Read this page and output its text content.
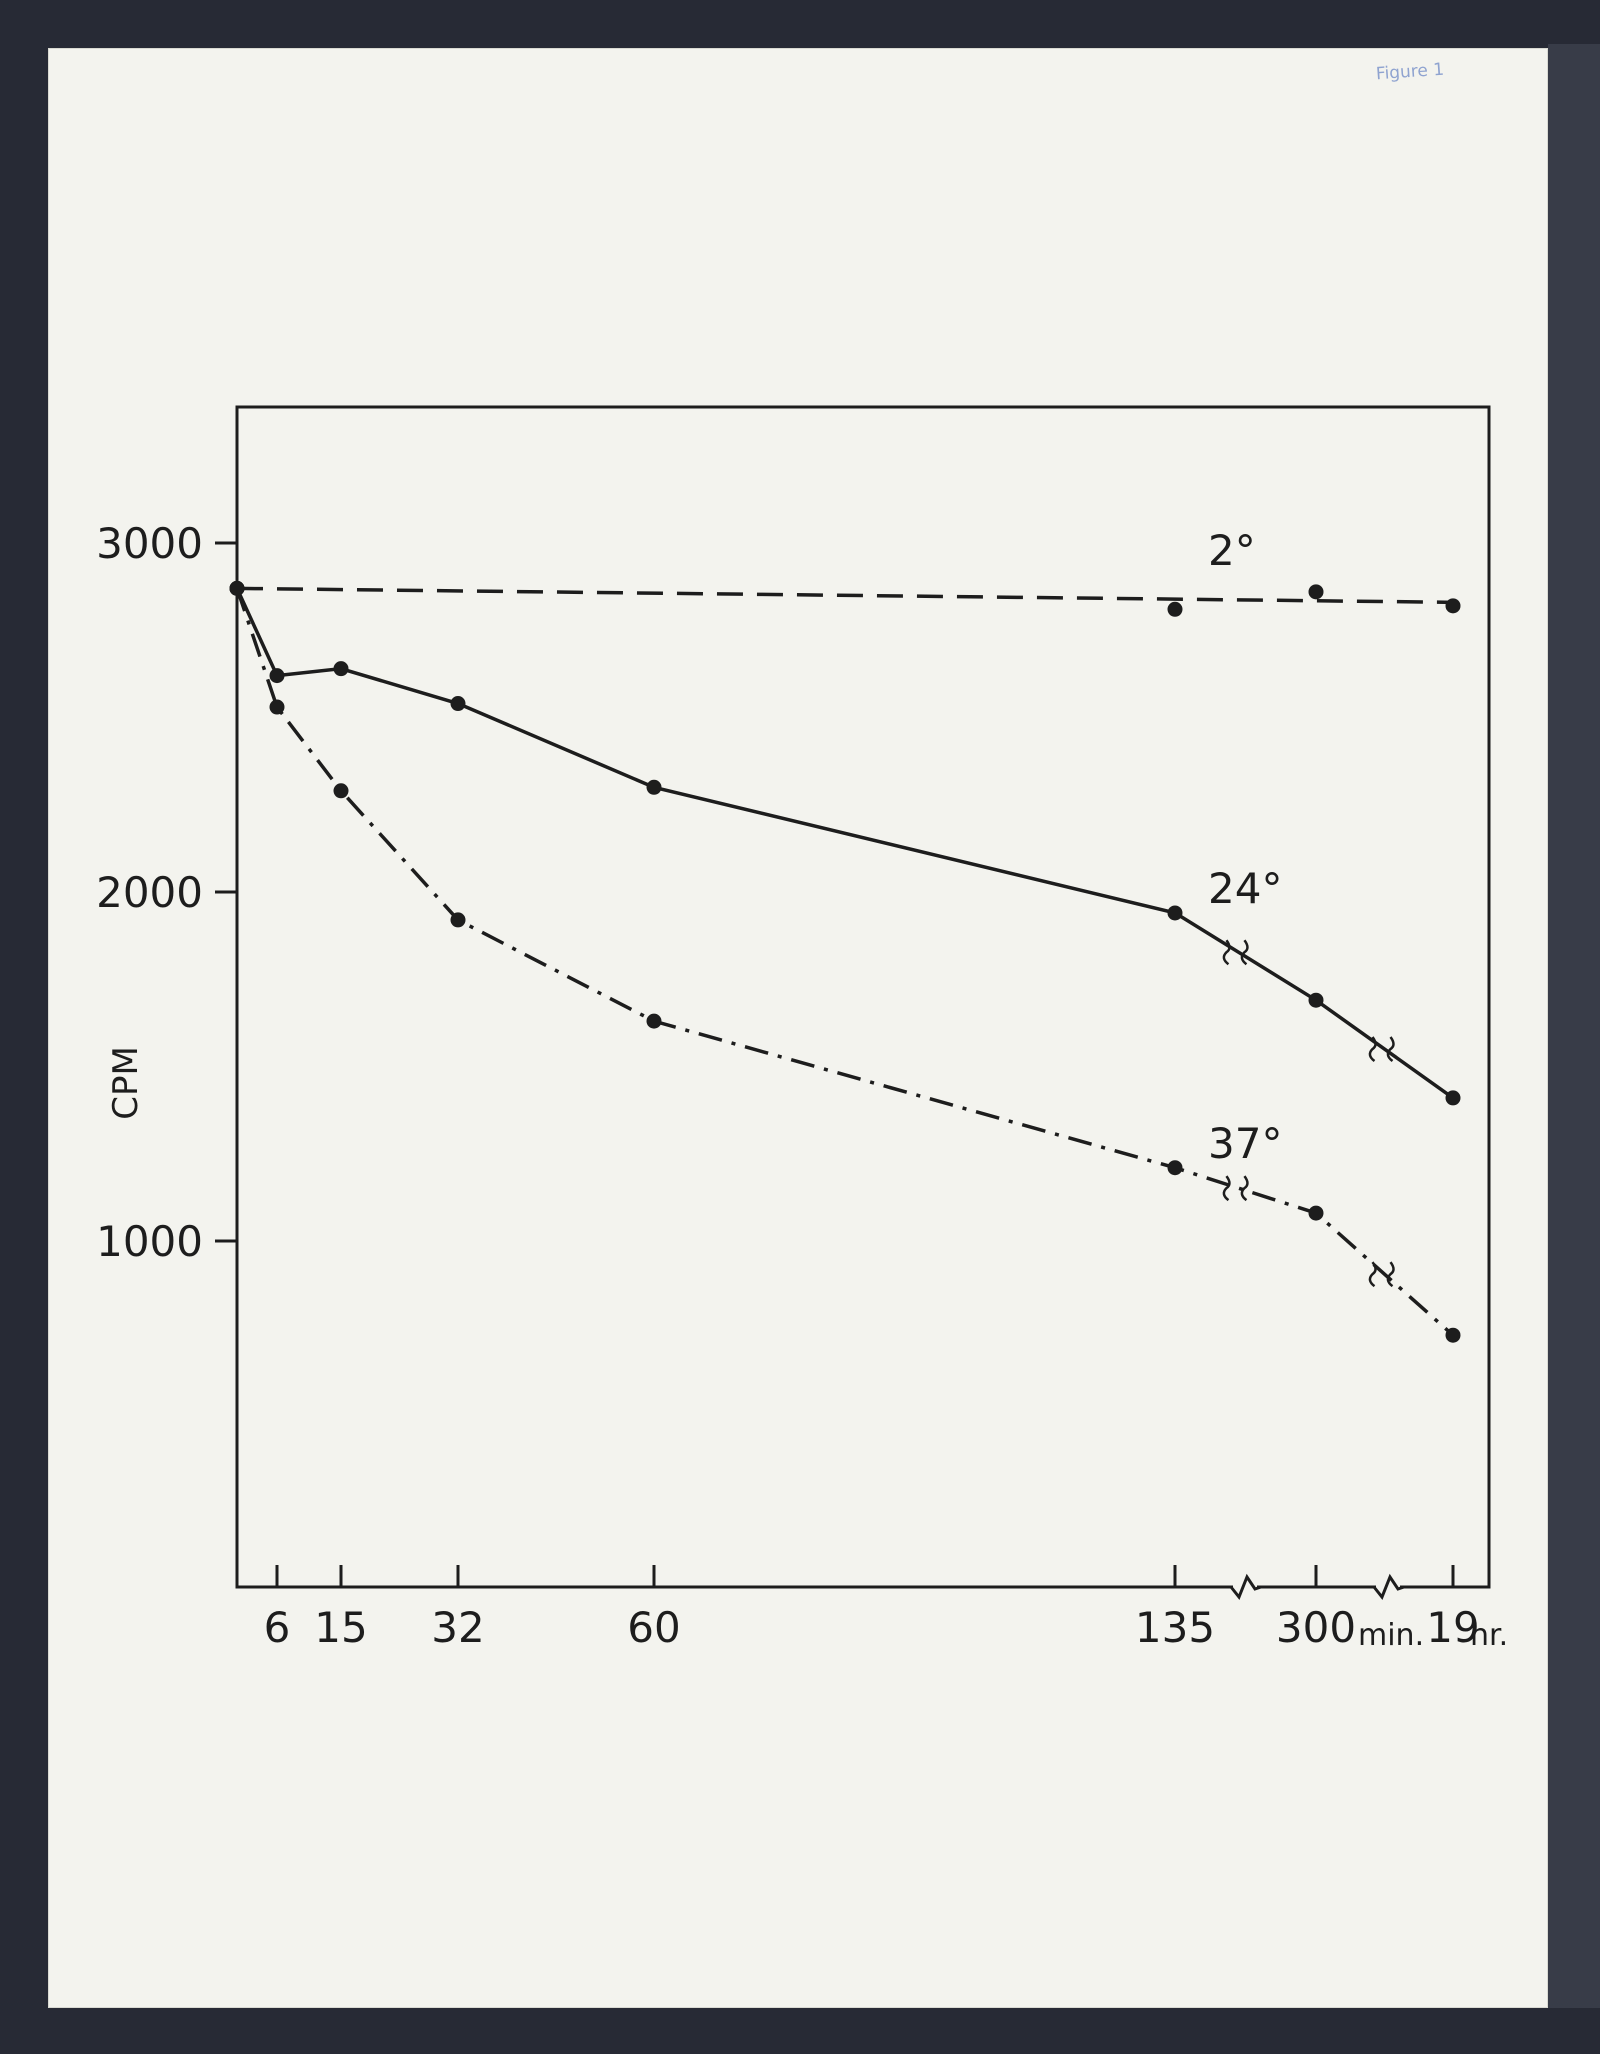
Figure 1
6 15 32	60	135 300 19
min. hr.
1000
2000
3000
CPM
2°
24°
37°
